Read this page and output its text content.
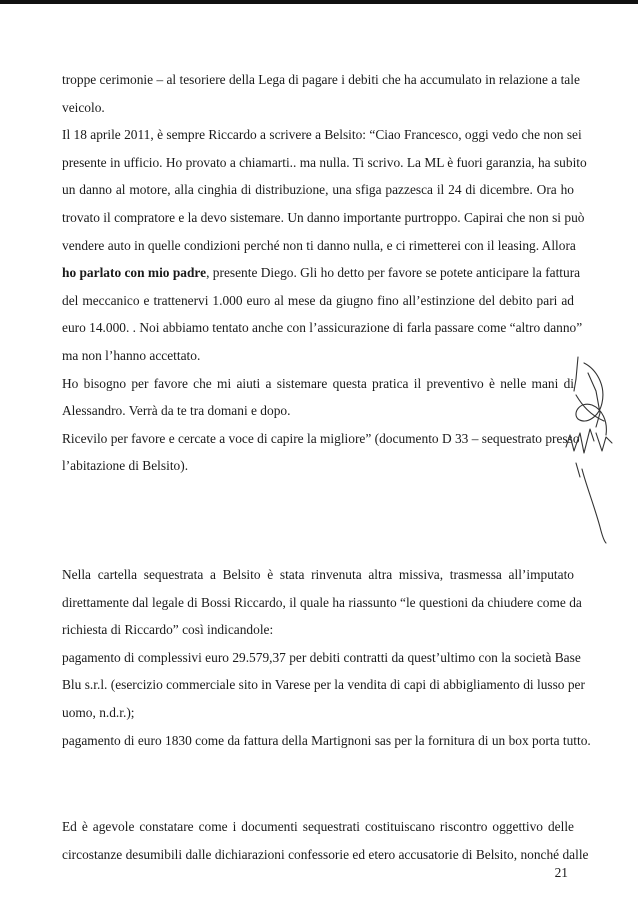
troppe cerimonie – al tesoriere della Lega di pagare i debiti che ha accumulato in relazione a tale
veicolo.
Il 18 aprile 2011, è sempre Riccardo a scrivere a Belsito: “Ciao Francesco, oggi vedo che non sei
presente in ufficio. Ho provato a chiamarti.. ma nulla. Ti scrivo. La ML è fuori garanzia, ha subito
un danno al motore, alla cinghia di distribuzione, una sfiga pazzesca il 24 di dicembre. Ora ho
trovato il compratore e la devo sistemare. Un danno importante purtroppo. Capirai che non si può
vendere auto in quelle condizioni perché non ti danno nulla, e ci rimetterei con il leasing. Allora
ho parlato con mio padre, presente Diego. Gli ho detto per favore se potete anticipare la fattura
del meccanico e trattenervi 1.000 euro al mese da giugno fino all’estinzione del debito pari ad
euro 14.000. . Noi abbiamo tentato anche con l’assicurazione di farla passare come “altro danno”
ma non l’hanno accettato.
Ho bisogno per favore che mi aiuti a sistemare questa pratica il preventivo è nelle mani di
Alessandro. Verrà da te tra domani e dopo.
Ricevilo per favore e cercate a voce di capire la migliore” (documento D 33 – sequestrato presso
l’abitazione di Belsito).
Nella cartella sequestrata a Belsito è stata rinvenuta altra missiva, trasmessa all’imputato
direttamente dal legale di Bossi Riccardo, il quale ha riassunto “le questioni da chiudere come da
richiesta di Riccardo” così indicandole:
pagamento di complessivi euro 29.579,37 per debiti contratti da quest’ultimo con la società Base
Blu s.r.l. (esercizio commerciale sito in Varese per la vendita di capi di abbigliamento di lusso per
uomo, n.d.r.);
pagamento di euro 1830 come da fattura della Martignoni sas per la fornitura di un box porta tutto.
Ed è agevole constatare come i documenti sequestrati costituiscano riscontro oggettivo delle
circostanze desumibili dalle dichiarazioni confessorie ed etero accusatorie di Belsito, nonché dalle
21
